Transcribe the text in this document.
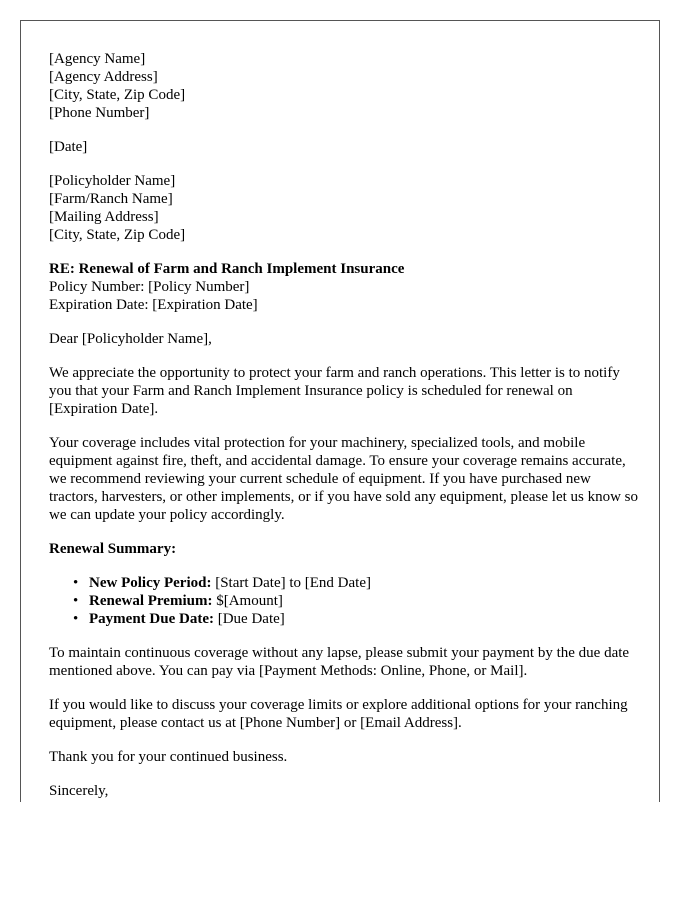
[Agency Name]
[Agency Address]
[City, State, Zip Code]
[Phone Number]
[Date]
[Policyholder Name]
[Farm/Ranch Name]
[Mailing Address]
[City, State, Zip Code]
RE: Renewal of Farm and Ranch Implement Insurance
Policy Number: [Policy Number]
Expiration Date: [Expiration Date]

Dear [Policyholder Name],

We appreciate the opportunity to protect your farm and ranch operations. This letter is to notify you that your Farm and Ranch Implement Insurance policy is scheduled for renewal on [Expiration Date].

Your coverage includes vital protection for your machinery, specialized tools, and mobile equipment against fire, theft, and accidental damage. To ensure your coverage remains accurate, we recommend reviewing your current schedule of equipment. If you have purchased new tractors, harvesters, or other implements, or if you have sold any equipment, please let us know so we can update your policy accordingly.

Renewal Summary:

• New Policy Period: [Start Date] to [End Date]
• Renewal Premium: $[Amount]
• Payment Due Date: [Due Date]

To maintain continuous coverage without any lapse, please submit your payment by the due date mentioned above. You can pay via [Payment Methods: Online, Phone, or Mail].

If you would like to discuss your coverage limits or explore additional options for your ranching equipment, please contact us at [Phone Number] or [Email Address].

Thank you for your continued business.

Sincerely,
